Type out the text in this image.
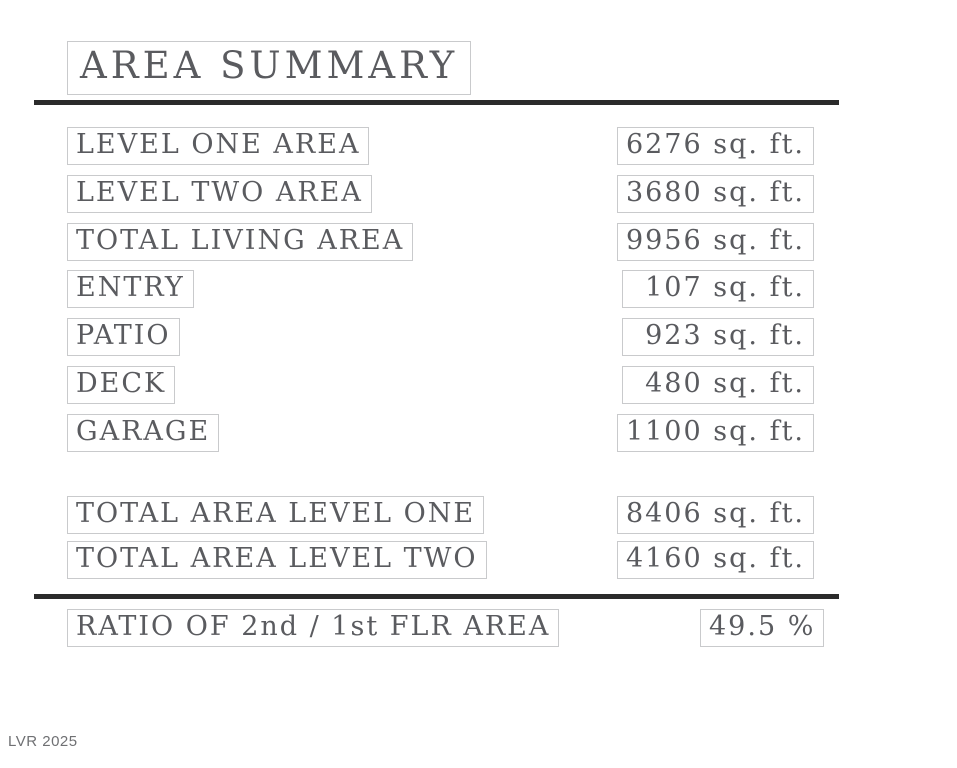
AREA SUMMARY
LEVEL ONE AREA	6276 sq. ft.
LEVEL TWO AREA	3680 sq. ft.
TOTAL LIVING AREA	9956 sq. ft.
ENTRY	107 sq. ft.
PATIO	923 sq. ft.
DECK	480 sq. ft.
GARAGE	1100 sq. ft.
TOTAL AREA LEVEL ONE	8406 sq. ft.
TOTAL AREA LEVEL TWO	4160 sq. ft.
RATIO OF 2nd / 1st FLR AREA	49.5 %
LVR 2025
